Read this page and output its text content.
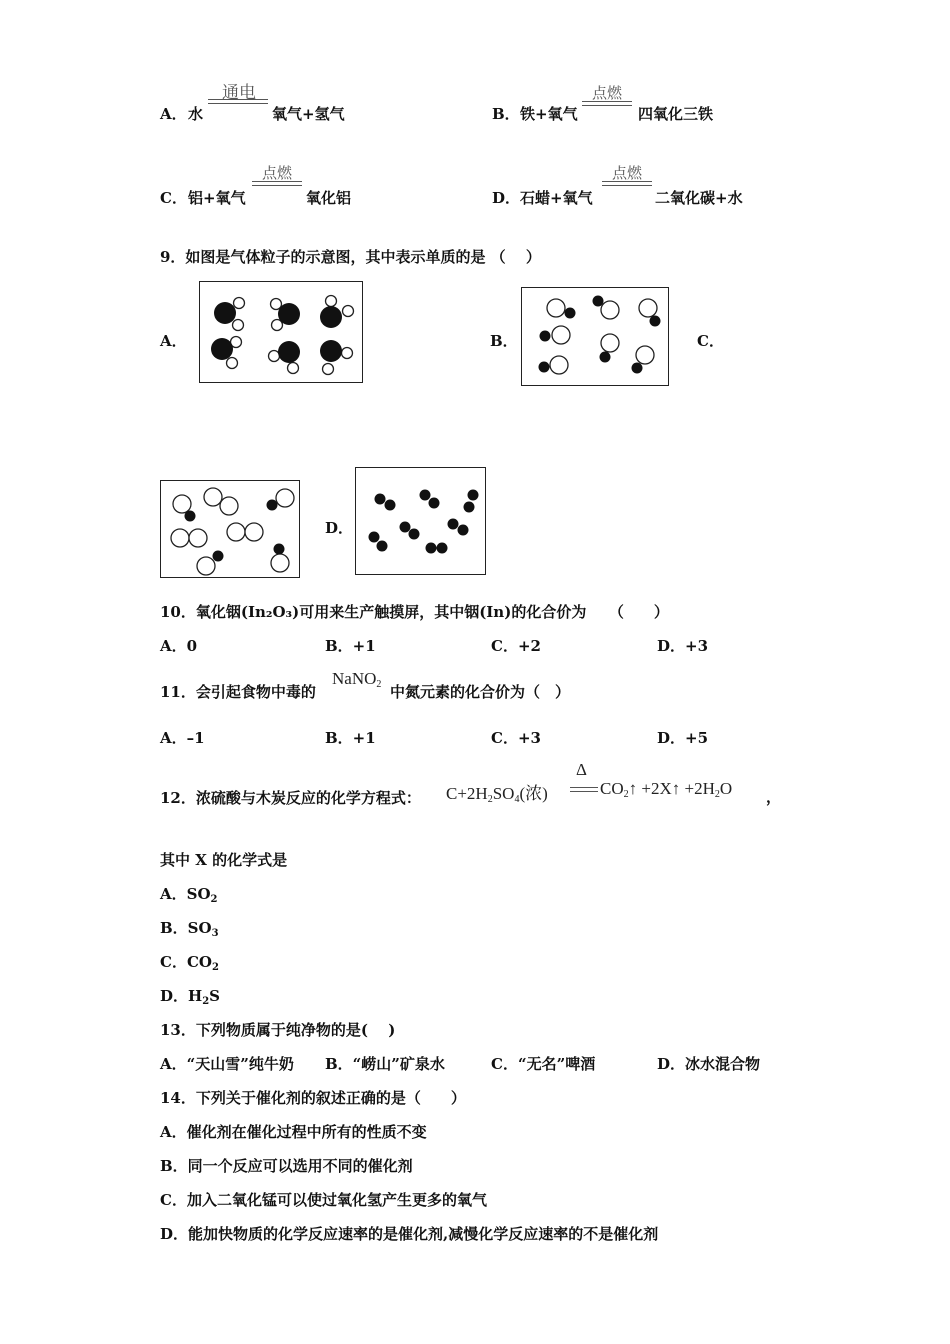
A． 水
通电
氧气+氢气	B． 铁+氧气
点燃
四氧化三铁
C． 铝+氧气
点燃
氧化铝	D． 石蜡+氧气
点燃
二氧化碳+水
9．如图是气体粒子的示意图，其中表示单质的是 （　 ）
A．	B．	C．
D．
10．氧化铟(In₂O₃)可用来生产触摸屏，其中铟(In)的化合价为　　（　　）
A．0	B．+1	C．+2	D．+3
11．会引起食物中毒的
NaNO$_2$ 中氮元素的化合价为（　）
A．–1	B．+1	C．+3	D．+5
12．浓硫酸与木炭反应的化学方程式： $C+2H_2SO_4$(浓)
Δ
$CO_2↑$ +2X↑ $+2H_2O$ ，
其中 X 的化学式是
A．$SO_2$
B．$SO_3$
C．$CO_2$
D．$H_2S$
13．下列物质属于纯净物的是(　 )
A．“天山雪”纯牛奶 B．“崂山”矿泉水	C．“无名”啤酒	D．冰水混合物
14．下列关于催化剂的叙述正确的是（　　）
A．催化剂在催化过程中所有的性质不变
B．同一个反应可以选用不同的催化剂
C．加入二氧化锰可以使过氧化氢产生更多的氧气
D．能加快物质的化学反应速率的是催化剂,减慢化学反应速率的不是催化剂
